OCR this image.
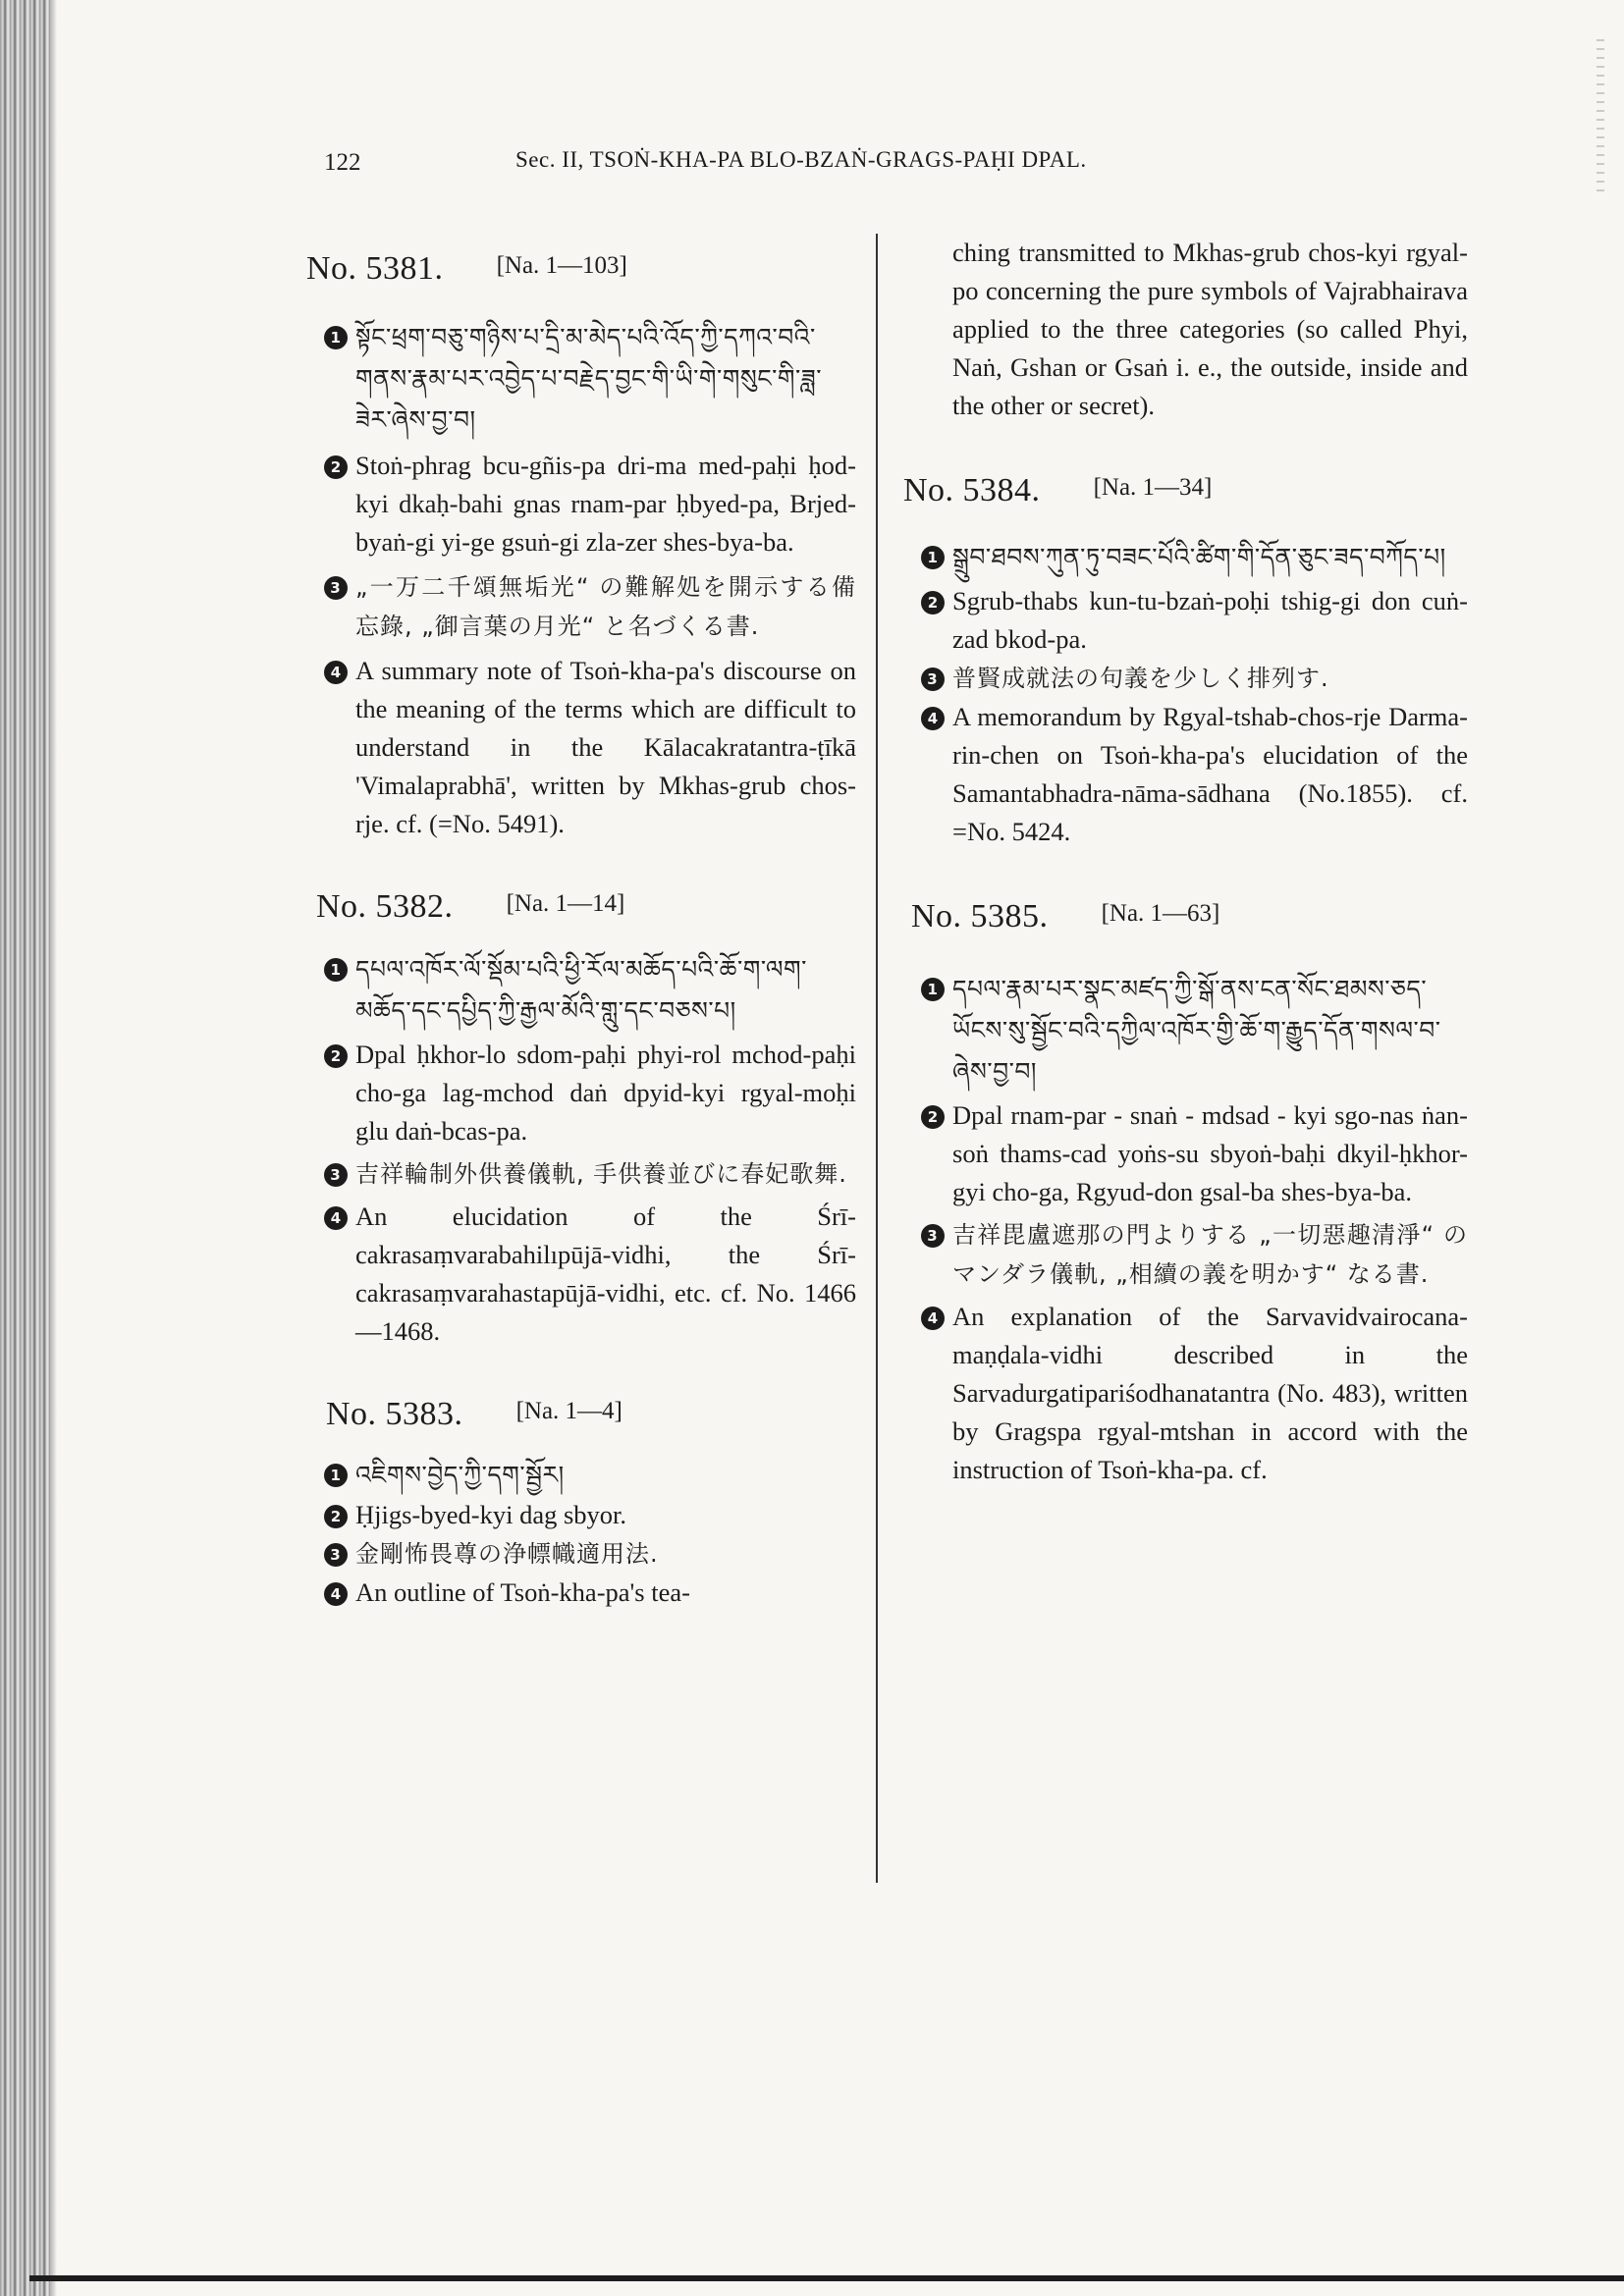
122	Sec. II, TSOṄ-KHA-PA BLO-BZAṄ-GRAGS-PAḤI DPAL.
No. 5381. [Na. 1—103]
1 སྟོང་ཕྲག་བཅུ་གཉིས་པ་དྲི་མ་མེད་པའི་འོད་ཀྱི་དཀའ་བའི་གནས་རྣམ་པར་འབྱེད་པ་བརྗེད་བྱང་གི་ཡི་གེ་གསུང་གི་ཟླ་ཟེར་ཞེས་བྱ་བ།
2 Stoṅ-phrag bcu-gñis-pa dri-ma med-paḥi ḥod-kyi dkaḥ-bahi gnas rnam-par ḥbyed-pa, Brjed-byaṅ-gi yi-ge gsuṅ-gi zla-zer shes-bya-ba.
3 „一万二千頌無垢光“ の難解処を開示する備忘錄, „御言葉の月光“ と名づくる書.
4 A summary note of Tsoṅ-kha-pa's discourse on the meaning of the terms which are difficult to understand in the Kālacakratantra-ṭīkā 'Vimalaprabhā', written by Mkhas-grub chos-rje. cf. (=No. 5491).
No. 5382. [Na. 1—14]
1 དཔལ་འཁོར་ལོ་སྡོམ་པའི་ཕྱི་རོལ་མཆོད་པའི་ཆོ་ག་ལག་མཆོད་དང་དཔྱིད་ཀྱི་རྒྱལ་མོའི་གླུ་དང་བཅས་པ།
2 Dpal ḥkhor-lo sdom-paḥi phyi-rol mchod-paḥi cho-ga lag-mchod daṅ dpyid-kyi rgyal-moḥi glu daṅ-bcas-pa.
3 吉祥輪制外供養儀軌, 手供養並びに春妃歌舞.
4 An elucidation of the Śrī-cakrasaṃvarabahilıpūjā-vidhi, the Śrī-cakrasaṃvarahastapūjā-vidhi, etc. cf. No. 1466—1468.
No. 5383. [Na. 1—4]
1 འཇིགས་བྱེད་ཀྱི་དག་སྦྱོར།
2 Ḥjigs-byed-kyi dag sbyor.
3 金剛怖畏尊の浄幖幟適用法.
4 An outline of Tsoṅ-kha-pa's tea-
ching transmitted to Mkhas-grub chos-kyi rgyal-po concerning the pure symbols of Vajrabhairava applied to the three categories (so called Phyi, Naṅ, Gshan or Gsaṅ i. e., the outside, inside and the other or secret).
No. 5384. [Na. 1—34]
1 སྒྲུབ་ཐབས་ཀུན་ཏུ་བཟང་པོའི་ཚིག་གི་དོན་ཅུང་ཟད་བཀོད་པ།
2 Sgrub-thabs kun-tu-bzaṅ-poḥi tshig-gi don cuṅ-zad bkod-pa.
3 普賢成就法の句義を少しく排列す.
4 A memorandum by Rgyal-tshab-chos-rje Darma-rin-chen on Tsoṅ-kha-pa's elucidation of the Samantabhadra-nāma-sādhana (No.1855). cf. =No. 5424.
No. 5385. [Na. 1—63]
1 དཔལ་རྣམ་པར་སྣང་མཛད་ཀྱི་སྒོ་ནས་ངན་སོང་ཐམས་ཅད་ཡོངས་སུ་སྦྱོང་བའི་དཀྱིལ་འཁོར་གྱི་ཆོ་ག་རྒྱུད་དོན་གསལ་བ་ཞེས་བྱ་བ།
2 Dpal rnam-par - snaṅ - mdsad - kyi sgo-nas ṅan-soṅ thams-cad yoṅs-su sbyoṅ-baḥi dkyil-ḥkhor-gyi cho-ga, Rgyud-don gsal-ba shes-bya-ba.
3 吉祥毘盧遮那の門よりする „一切惡趣清淨“ のマンダラ儀軌, „相續の義を明かす“ なる書.
4 An explanation of the Sarvavidvairocana-maṇḍala-vidhi described in the Sarvadurgatipariśodhanatantra (No. 483), written by Gragspa rgyal-mtshan in accord with the instruction of Tsoṅ-kha-pa. cf.
